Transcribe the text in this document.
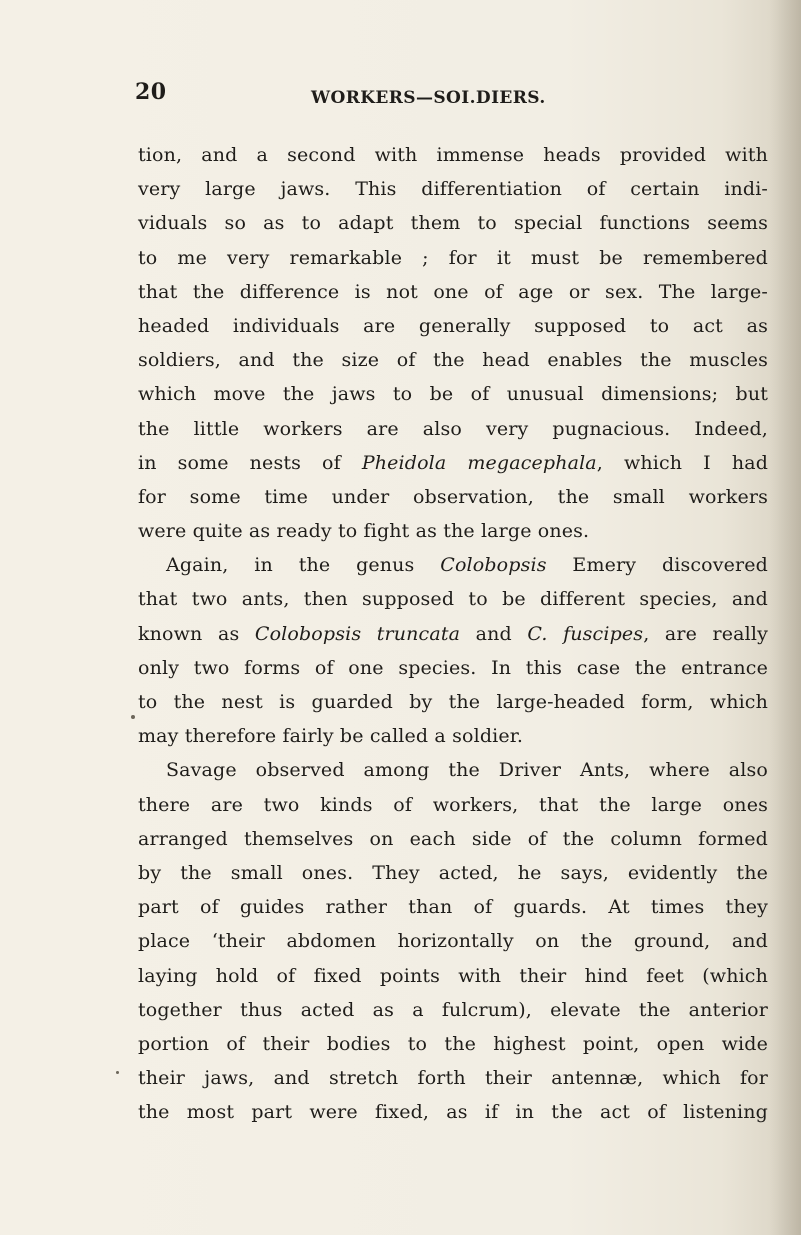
20	WORKERS—SOI.DIERS.
tion, and a second with immense heads provided with
very large jaws. This differentiation of certain indi-
viduals so as to adapt them to special functions seems
to me very remarkable ; for it must be remembered
that the difference is not one of age or sex. The large-
headed individuals are generally supposed to act as
soldiers, and the size of the head enables the muscles
which move the jaws to be of unusual dimensions; but
the little workers are also very pugnacious. Indeed,
in some nests of Pheidola megacephala, which I had
for some time under observation, the small workers
were quite as ready to fight as the large ones.
Again, in the genus Colobopsis Emery discovered
that two ants, then supposed to be different species, and
known as Colobopsis truncata and C. fuscipes, are really
only two forms of one species. In this case the entrance
to the nest is guarded by the large-headed form, which
may therefore fairly be called a soldier.
Savage observed among the Driver Ants, where also
there are two kinds of workers, that the large ones
arranged themselves on each side of the column formed
by the small ones. They acted, he says, evidently the
part of guides rather than of guards. At times they
place ‘their abdomen horizontally on the ground, and
laying hold of fixed points with their hind feet (which
together thus acted as a fulcrum), elevate the anterior
portion of their bodies to the highest point, open wide
their jaws, and stretch forth their antennæ, which for
the most part were fixed, as if in the act of listening
